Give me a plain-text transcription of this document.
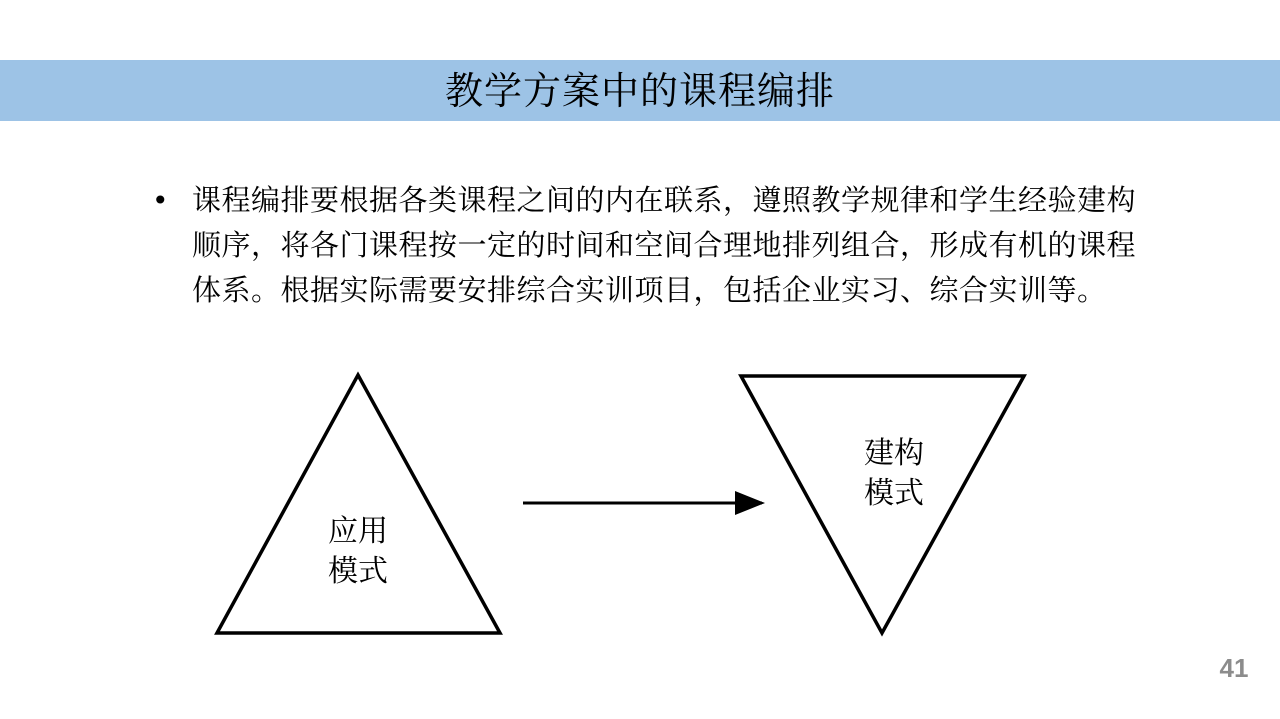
教学方案中的课程编排
• 课程编排要根据各类课程之间的内在联系，遵照教学规律和学生经验建构顺序，将各门课程按一定的时间和空间合理地排列组合，形成有机的课程体系。根据实际需要安排综合实训项目，包括企业实习、综合实训等。
应用
模式
建构
模式
41
